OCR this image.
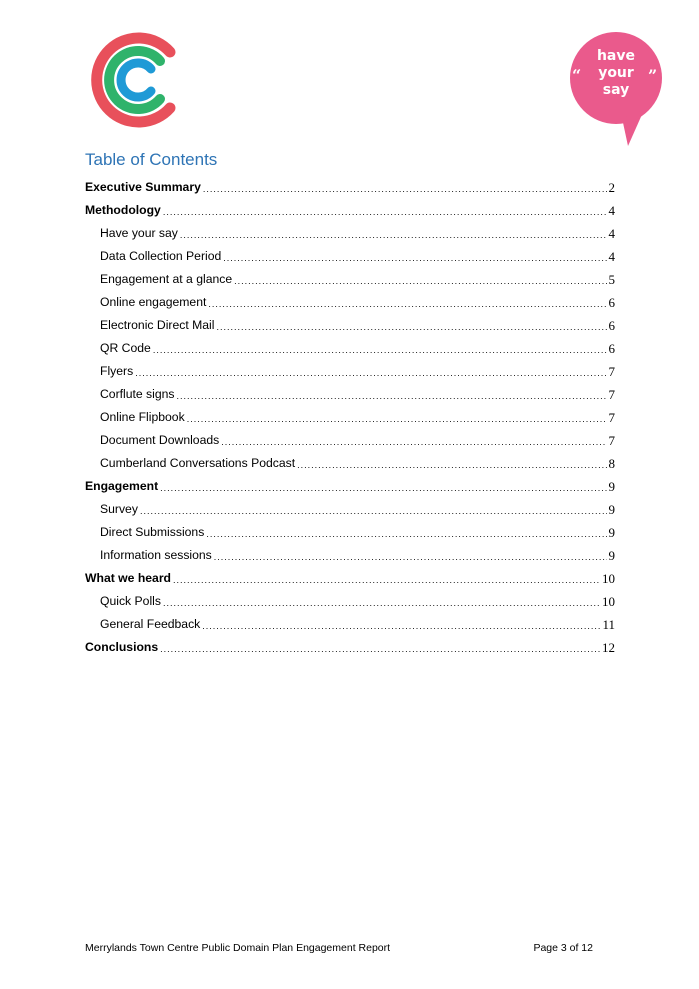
“	”
have
your
say
Table of Contents
Executive Summary .....	2
Methodology .....	4
Have your say .....	4
Data Collection Period .....	4
Engagement at a glance .....	5
Online engagement .....	6
Electronic Direct Mail .....	6
QR Code .....	6
Flyers .....	7
Corflute signs .....	7
Online Flipbook .....	7
Document Downloads .....	7
Cumberland Conversations Podcast .....	8
Engagement .....	9
Survey .....	9
Direct Submissions .....	9
Information sessions .....	9
What we heard .....	10
Quick Polls .....	10
General Feedback .....	11
Conclusions .....	12
Merrylands Town Centre Public Domain Plan Engagement Report	Page 3 of 12
